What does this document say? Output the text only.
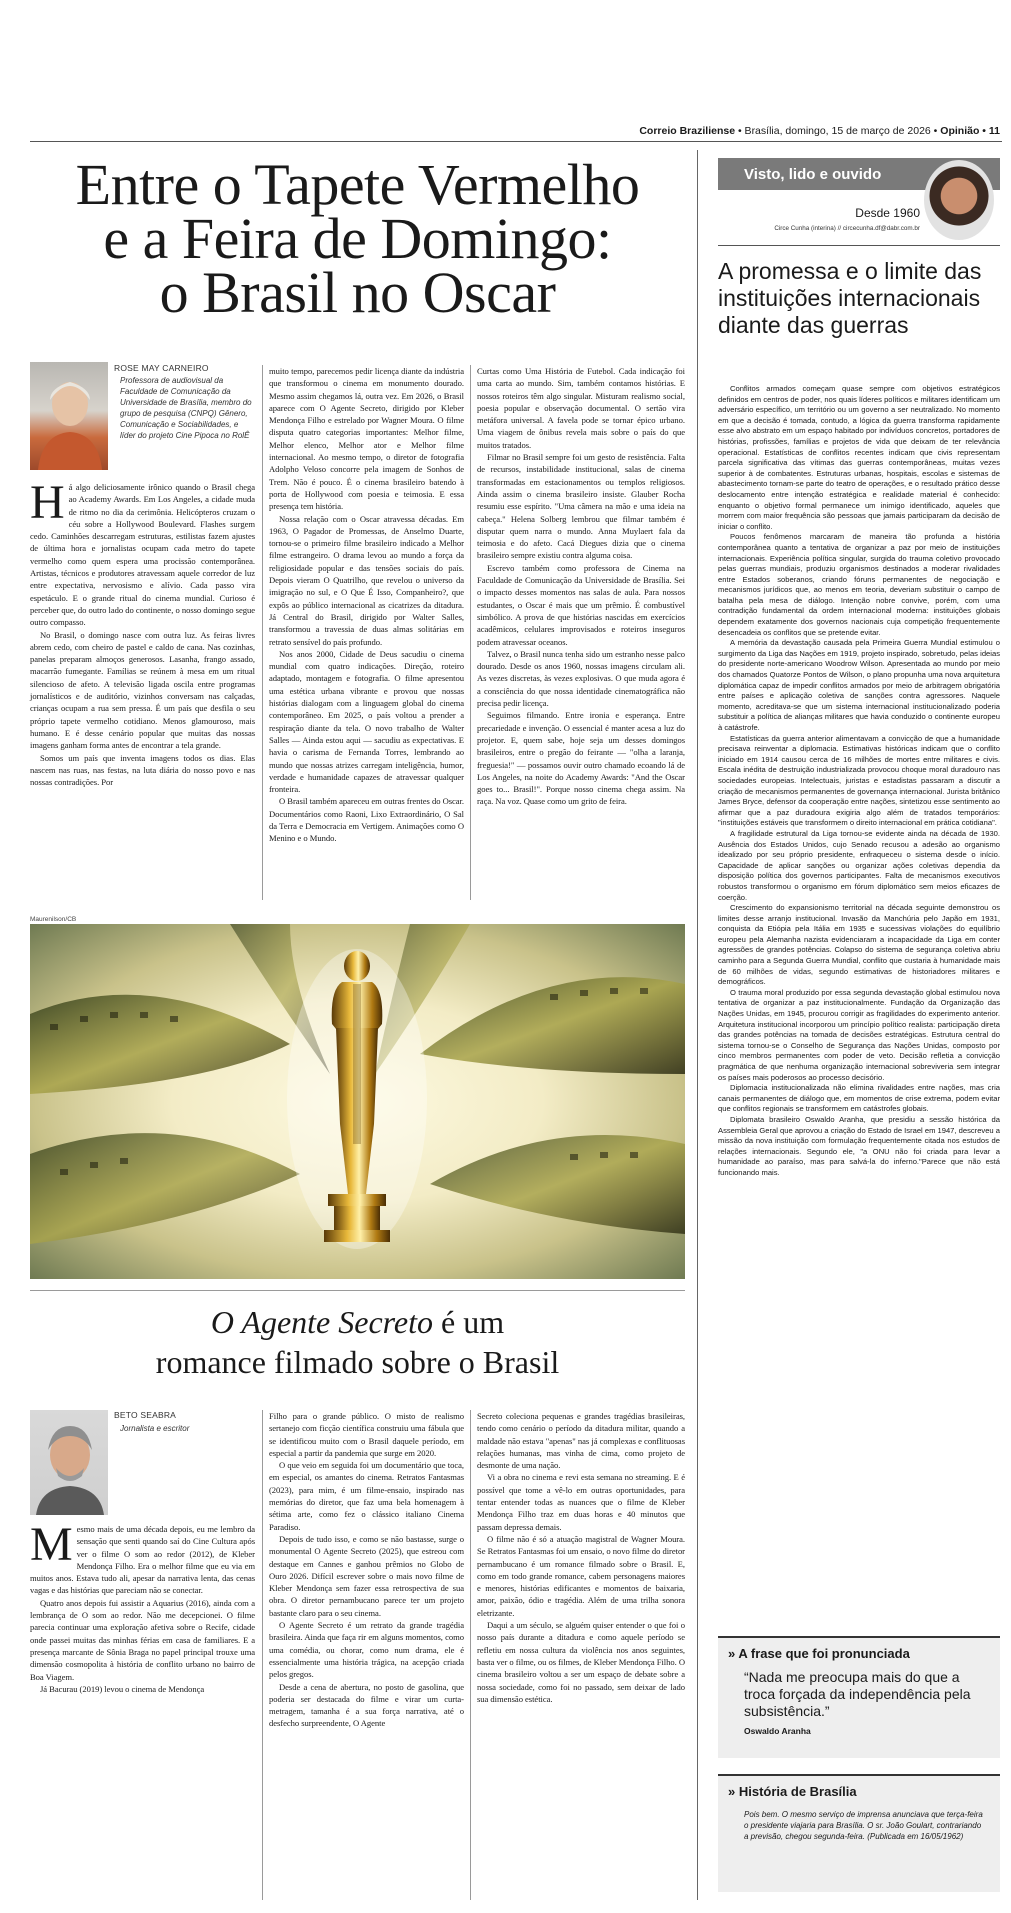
Correio Braziliense • Brasília, domingo, 15 de março de 2026 • Opinião • 11
Entre o Tapete Vermelho
e a Feira de Domingo:
o Brasil no Oscar
ROSE MAY CARNEIRO
Professora de audiovisual da Faculdade de Comunicação da Universidade de Brasília, membro do grupo de pesquisa (CNPQ) Gênero, Comunicação e Sociabilidades, e líder do projeto Cine Pipoca no RolÊ
H á algo deliciosamente irônico quando o Brasil chega ao Academy Awards. Em Los Angeles, a cidade muda de ritmo no dia da cerimônia. Helicópteros cruzam o céu sobre a Hollywood Boulevard. Flashes surgem cedo. Caminhões descarregam estruturas, estilistas fazem ajustes de última hora e jornalistas ocupam cada metro do tapete vermelho como quem espera uma procissão contemporânea. Artistas, técnicos e produtores atravessam aquele corredor de luz entre expectativa, nervosismo e alívio. Cada passo vira espetáculo. E o grande ritual do cinema mundial. Curioso é perceber que, do outro lado do continente, o nosso domingo segue outro compasso.

No Brasil, o domingo nasce com outra luz. As feiras livres abrem cedo, com cheiro de pastel e caldo de cana. Nas cozinhas, panelas preparam almoços generosos. Lasanha, frango assado, macarrão fumegante. Famílias se reúnem à mesa em um ritual silencioso de afeto. A televisão ligada oscila entre programas jornalísticos e de auditório, vizinhos conversam nas calçadas, crianças ocupam a rua sem pressa. É um país que desfila o seu próprio tapete vermelho cotidiano. Menos glamouroso, mais humano. E é desse cenário popular que muitas das nossas imagens ganham forma antes de encontrar a tela grande.

Somos um país que inventa imagens todos os dias. Elas nascem nas ruas, nas festas, na luta diária do nosso povo e nas nossas contradições. Por

muito tempo, parecemos pedir licença diante da indústria que transformou o cinema em monumento dourado. Mesmo assim chegamos lá, outra vez. Em 2026, o Brasil aparece com O Agente Secreto, dirigido por Kleber Mendonça Filho e estrelado por Wagner Moura. O filme disputa quatro categorias importantes: Melhor filme, Melhor elenco, Melhor ator e Melhor filme internacional. Ao mesmo tempo, o diretor de fotografia Adolpho Veloso concorre pela imagem de Sonhos de Trem. Não é pouco. É o cinema brasileiro batendo à porta de Hollywood com poesia e teimosia. E essa presença tem história.

Nossa relação com o Oscar atravessa décadas. Em 1963, O Pagador de Promessas, de Anselmo Duarte, tornou-se o primeiro filme brasileiro indicado a Melhor filme estrangeiro. O drama levou ao mundo a força da religiosidade popular e das tensões sociais do país. Depois vieram O Quatrilho, que revelou o universo da imigração no sul, e O Que É Isso, Companheiro?, que expôs ao público internacional as cicatrizes da ditadura. Já Central do Brasil, dirigido por Walter Salles, transformou a travessia de duas almas solitárias em retrato sensível do país profundo.

Nos anos 2000, Cidade de Deus sacudiu o cinema mundial com quatro indicações. Direção, roteiro adaptado, montagem e fotografia. O filme apresentou uma estética urbana vibrante e provou que nossas histórias dialogam com a linguagem global do cinema contemporâneo. Em 2025, o país voltou a prender a respiração diante da tela. O novo trabalho de Walter Salles — Ainda estou aqui — sacudiu as expectativas. E havia o carisma de Fernanda Torres, lembrando ao mundo que nossas atrizes carregam inteligência, humor, verdade e humanidade capazes de atravessar qualquer fronteira.

O Brasil também apareceu em outras frentes do Oscar. Documentários como Raoni, Lixo Extraordinário, O Sal da Terra e Democracia em Vertigem. Animações como O Menino e o Mundo.

Curtas como Uma História de Futebol. Cada indicação foi uma carta ao mundo. Sim, também contamos histórias. E nossos roteiros têm algo singular. Misturam realismo social, poesia popular e observação documental. O sertão vira metáfora universal. A favela pode se tornar épico urbano. Uma viagem de ônibus revela mais sobre o país do que muitos tratados.

Filmar no Brasil sempre foi um gesto de resistência. Falta de recursos, instabilidade institucional, salas de cinema transformadas em estacionamentos ou templos religiosos. Ainda assim o cinema brasileiro insiste. Glauber Rocha resumiu esse espírito. "Uma câmera na mão e uma ideia na cabeça." Helena Solberg lembrou que filmar também é disputar quem narra o mundo. Anna Muylaert fala da teimosia e do afeto. Cacá Diegues dizia que o cinema brasileiro sempre existiu contra alguma coisa.

Escrevo também como professora de Cinema na Faculdade de Comunicação da Universidade de Brasília. Sei o impacto desses momentos nas salas de aula. Para nossos estudantes, o Oscar é mais que um prêmio. É combustível simbólico. A prova de que histórias nascidas em exercícios acadêmicos, celulares improvisados e roteiros inseguros podem atravessar oceanos.

Talvez, o Brasil nunca tenha sido um estranho nesse palco dourado. Desde os anos 1960, nossas imagens circulam ali. As vezes discretas, às vezes explosivas. O que muda agora é a consciência do que nossa identidade cinematográfica não precisa pedir licença.

Seguimos filmando. Entre ironia e esperança. Entre precariedade e invenção. O essencial é manter acesa a luz do projetor. E, quem sabe, hoje seja um desses domingos brasileiros, entre o pregão do feirante — "olha a laranja, freguesia!" — possamos ouvir outro chamado ecoando lá de Los Angeles, na noite do Academy Awards: "And the Oscar goes to... Brasil!". Porque nosso cinema chega assim. Na raça. Na voz. Quase como um grito de feira.

Maurenilson/CB
O Agente Secreto é um
romance filmado sobre o Brasil
BETO SEABRA
Jornalista e escritor
M esmo mais de uma década depois, eu me lembro da sensação que senti quando saí do Cine Cultura após ver o filme O som ao redor (2012), de Kleber Mendonça Filho. Era o melhor filme que eu via em muitos anos. Estava tudo ali, apesar da narrativa lenta, das cenas vagas e das histórias que pareciam não se conectar.

Quatro anos depois fui assistir a Aquarius (2016), ainda com a lembrança de O som ao redor. Não me decepcionei. O filme parecia continuar uma exploração afetiva sobre o Recife, cidade onde passei muitas das minhas férias em casa de familiares. E a presença marcante de Sônia Braga no papel principal trouxe uma dimensão cosmopolita à história de conflito urbano no bairro de Boa Viagem.

Já Bacurau (2019) levou o cinema de Mendonça

Filho para o grande público. O misto de realismo sertanejo com ficção científica construiu uma fábula que se identificou muito com o Brasil daquele período, em especial a partir da pandemia que surge em 2020.

O que veio em seguida foi um documentário que toca, em especial, os amantes do cinema. Retratos Fantasmas (2023), para mim, é um filme-ensaio, inspirado nas memórias do diretor, que faz uma bela homenagem à sétima arte, como fez o clássico italiano Cinema Paradiso.

Depois de tudo isso, e como se não bastasse, surge o monumental O Agente Secreto (2025), que estreou com destaque em Cannes e ganhou prêmios no Globo de Ouro 2026. Difícil escrever sobre o mais novo filme de Kleber Mendonça sem fazer essa retrospectiva de sua obra. O diretor pernambucano parece ter um projeto bastante claro para o seu cinema.

O Agente Secreto é um retrato da grande tragédia brasileira. Ainda que faça rir em alguns momentos, como uma comédia, ou chorar, como num drama, ele é essencialmente uma história trágica, na acepção criada pelos gregos.

Desde a cena de abertura, no posto de gasolina, que poderia ser destacada do filme e virar um curta-metragem, tamanha é a sua força narrativa, até o desfecho surpreendente, O Agente

Secreto coleciona pequenas e grandes tragédias brasileiras, tendo como cenário o período da ditadura militar, quando a maldade não estava "apenas" nas já complexas e conflituosas relações humanas, mas vinha de cima, como projeto de desmonte de uma nação.

Vi a obra no cinema e revi esta semana no streaming. E é possível que tome a vê-lo em outras oportunidades, para tentar entender todas as nuances que o filme de Kleber Mendonça Filho traz em duas horas e 40 minutos que passam depressa demais.

O filme não é só a atuação magistral de Wagner Moura. Se Retratos Fantasmas foi um ensaio, o novo filme do diretor pernambucano é um romance filmado sobre o Brasil. E, como em todo grande romance, cabem personagens maiores e menores, histórias edificantes e momentos de baixaria, amor, paixão, ódio e tragédia. Além de uma trilha sonora eletrizante.

Daqui a um século, se alguém quiser entender o que foi o nosso país durante a ditadura e como aquele período se refletiu em nossa cultura da violência nos anos seguintes, basta ver o filme, ou os filmes, de Kleber Mendonça Filho. O cinema brasileiro voltou a ser um espaço de debate sobre a nossa sociedade, como foi no passado, sem deixar de lado sua dimensão estética.

Visto, lido e ouvido
Desde 1960
Circe Cunha (interina) // circecunha.df@dabr.com.br
A promessa e o limite das instituições internacionais diante das guerras

Conflitos armados começam quase sempre com objetivos estratégicos definidos em centros de poder, nos quais líderes políticos e militares identificam um adversário específico, um território ou um governo a ser neutralizado. No momento em que a decisão é tomada, contudo, a lógica da guerra transforma rapidamente esse alvo abstrato em um espaço habitado por indivíduos concretos, portadores de histórias, profissões, famílias e projetos de vida que deixam de ter relevância operacional. Estatísticas de conflitos recentes indicam que civis representam parcela significativa das vítimas das guerras contemporâneas, muitas vezes superior à de combatentes. Estruturas urbanas, hospitais, escolas e sistemas de abastecimento tornam-se parte do teatro de operações, e o resultado prático desse deslocamento entre intenção estratégica e realidade material é conhecido: enquanto o objetivo formal permanece um inimigo identificado, aqueles que morrem com maior frequência são pessoas que jamais participaram da decisão de iniciar o conflito.

Poucos fenômenos marcaram de maneira tão profunda a história contemporânea quanto a tentativa de organizar a paz por meio de instituições internacionais. Experiência política singular, surgida do trauma coletivo provocado pelas guerras mundiais, produziu organismos destinados a moderar rivalidades entre Estados soberanos, criando fóruns permanentes de negociação e mecanismos jurídicos que, ao menos em teoria, deveriam substituir o campo de batalha pela mesa de diálogo. Intenção nobre convive, porém, com uma contradição fundamental da ordem internacional moderna: instituições globais dependem exatamente dos governos nacionais cuja competição frequentemente desencadeia os conflitos que se pretende evitar.

A memória da devastação causada pela Primeira Guerra Mundial estimulou o surgimento da Liga das Nações em 1919, projeto inspirado, sobretudo, pelas ideias do presidente norte-americano Woodrow Wilson. Apresentada ao mundo por meio dos chamados Quatorze Pontos de Wilson, o plano propunha uma nova arquitetura diplomática capaz de impedir conflitos armados por meio de arbitragem obrigatória entre países e aplicação coletiva de sanções contra agressores. Naquele momento, acreditava-se que um sistema internacional institucionalizado poderia substituir a política de alianças militares que havia conduzido o continente europeu à catástrofe.

Estatísticas da guerra anterior alimentavam a convicção de que a humanidade precisava reinventar a diplomacia. Estimativas históricas indicam que o conflito iniciado em 1914 causou cerca de 16 milhões de mortes entre militares e civis. Escala inédita de destruição industrializada provocou choque moral duradouro nas sociedades europeias. Intelectuais, juristas e estadistas passaram a discutir a criação de mecanismos permanentes de governança internacional. Jurista britânico James Bryce, defensor da cooperação entre nações, sintetizou esse sentimento ao afirmar que a paz duradoura exigiria algo além de tratados temporários: "instituições estáveis que transformem o direito internacional em prática cotidiana".

A fragilidade estrutural da Liga tornou-se evidente ainda na década de 1930. Ausência dos Estados Unidos, cujo Senado recusou a adesão ao organismo idealizado por seu próprio presidente, enfraqueceu o sistema desde o início. Capacidade de aplicar sanções ou organizar ações coletivas dependia da disposição política dos governos participantes. Falta de mecanismos executivos robustos transformou o organismo em fórum diplomático sem meios eficazes de coerção.

Crescimento do expansionismo territorial na década seguinte demonstrou os limites desse arranjo institucional. Invasão da Manchúria pelo Japão em 1931, conquista da Etiópia pela Itália em 1935 e sucessivas violações do equilíbrio europeu pela Alemanha nazista evidenciaram a incapacidade da Liga em conter agressões de grandes potências. Colapso do sistema de segurança coletiva abriu caminho para a Segunda Guerra Mundial, conflito que custaria à humanidade mais de 60 milhões de vidas, segundo estimativas de historiadores militares e demográficos.

O trauma moral produzido por essa segunda devastação global estimulou nova tentativa de organizar a paz institucionalmente. Fundação da Organização das Nações Unidas, em 1945, procurou corrigir as fragilidades do experimento anterior. Arquitetura institucional incorporou um princípio político realista: participação direta das grandes potências na tomada de decisões estratégicas. Estrutura central do sistema tornou-se o Conselho de Segurança das Nações Unidas, composto por cinco membros permanentes com poder de veto. Decisão refletia a convicção pragmática de que nenhuma organização internacional sobreviveria sem integrar os países mais poderosos ao processo decisório.

Diplomacia institucionalizada não elimina rivalidades entre nações, mas cria canais permanentes de diálogo que, em momentos de crise extrema, podem evitar que conflitos regionais se transformem em catástrofes globais.

Diplomata brasileiro Oswaldo Aranha, que presidiu a sessão histórica da Assembleia Geral que aprovou a criação do Estado de Israel em 1947, descreveu a missão da nova instituição com formulação frequentemente citada nos estudos de relações internacionais. Segundo ele, "a ONU não foi criada para levar a humanidade ao paraíso, mas para salvá-la do inferno."Parece que não está funcionando mais.

» A frase que foi pronunciada
“Nada me preocupa mais do que a troca forçada da independência pela subsistência.”
Oswaldo Aranha
» História de Brasília
Pois bem. O mesmo serviço de imprensa anunciava que terça-feira o presidente viajaria para Brasília. O sr. João Goulart, contrariando a previsão, chegou segunda-feira. (Publicada em 16/05/1962)
